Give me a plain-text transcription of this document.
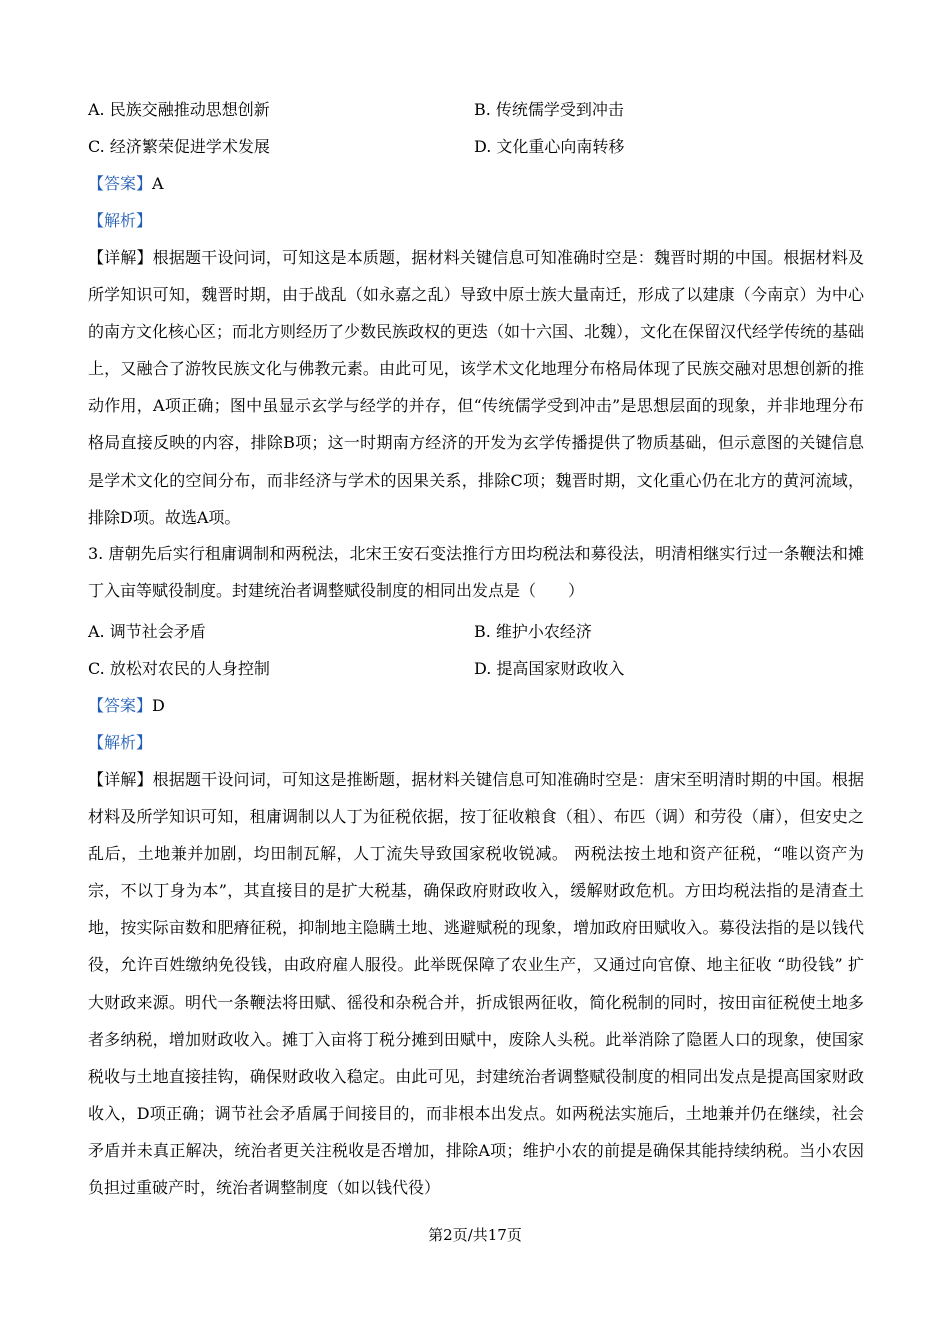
A. 民族交融推动思想创新	B. 传统儒学受到冲击
C. 经济繁荣促进学术发展	D. 文化重心向南转移
【答案】A
【解析】

【详解】根据题干设问词，可知这是本质题，据材料关键信息可知准确时空是：魏晋时期的中国。根据材料及所学知识可知，魏晋时期，由于战乱（如永嘉之乱）导致中原士族大量南迁，形成了以建康（今南京）为中心的南方文化核心区；而北方则经历了少数民族政权的更迭（如十六国、北魏），文化在保留汉代经学传统的基础上，又融合了游牧民族文化与佛教元素。由此可见，该学术文化地理分布格局体现了民族交融对思想创新的推动作用，A项正确；图中虽显示玄学与经学的并存，但“传统儒学受到冲击”是思想层面的现象，并非地理分布格局直接反映的内容，排除B项；这一时期南方经济的开发为玄学传播提供了物质基础，但示意图的关键信息是学术文化的空间分布，而非经济与学术的因果关系，排除C项；魏晋时期，文化重心仍在北方的黄河流域，排除D项。故选A项。

3. 唐朝先后实行租庸调制和两税法，北宋王安石变法推行方田均税法和募役法，明清相继实行过一条鞭法和摊丁入亩等赋役制度。封建统治者调整赋役制度的相同出发点是（　　）

A. 调节社会矛盾	B. 维护小农经济
C. 放松对农民的人身控制	D. 提高国家财政收入
【答案】D
【解析】

【详解】根据题干设问词，可知这是推断题，据材料关键信息可知准确时空是：唐宋至明清时期的中国。根据材料及所学知识可知，租庸调制以人丁为征税依据，按丁征收粮食（租）、布匹（调）和劳役（庸），但安史之乱后，土地兼并加剧，均田制瓦解，人丁流失导致国家税收锐减。 两税法按土地和资产征税，“唯以资产为宗，不以丁身为本”，其直接目的是扩大税基，确保政府财政收入，缓解财政危机。方田均税法指的是清查土地，按实际亩数和肥瘠征税，抑制地主隐瞒土地、逃避赋税的现象，增加政府田赋收入。募役法指的是以钱代役，允许百姓缴纳免役钱，由政府雇人服役。此举既保障了农业生产，又通过向官僚、地主征收 “助役钱” 扩大财政来源。明代一条鞭法将田赋、徭役和杂税合并，折成银两征收，简化税制的同时，按田亩征税使土地多者多纳税，增加财政收入。摊丁入亩将丁税分摊到田赋中，废除人头税。此举消除了隐匿人口的现象，使国家税收与土地直接挂钩，确保财政收入稳定。由此可见，封建统治者调整赋役制度的相同出发点是提高国家财政收入，D项正确；调节社会矛盾属于间接目的，而非根本出发点。如两税法实施后，土地兼并仍在继续，社会矛盾并未真正解决，统治者更关注税收是否增加，排除A项；维护小农的前提是确保其能持续纳税。当小农因负担过重破产时，统治者调整制度（如以钱代役）

第2页/共17页
